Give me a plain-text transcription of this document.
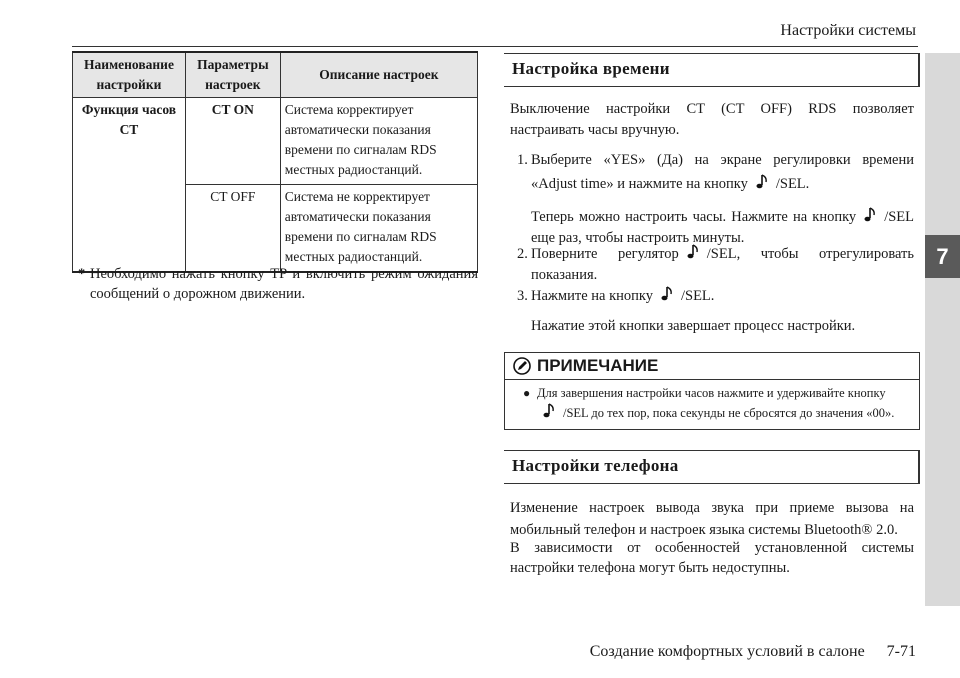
Настройки системы
7
Наименование настройки	Параметры настроек	Описание настроек
Функция часов CT	CT ON	Система корректирует автоматически показания времени по сигналам RDS местных радиостанций.
	CT OFF	Система не корректирует автоматически показания времени по сигналам RDS местных радиостанций.
* Необходимо нажать кнопку TP и включить режим ожидания сообщений о дорожном движении.
Настройка времени
Выключение настройки CT (CT OFF) RDS позволяет настраивать часы вручную.
1. Выберите «YES» (Да) на экране регулировки времени «Adjust time» и нажмите на кнопку /SEL.
Теперь можно настроить часы. Нажмите на кнопку /SEL еще раз, чтобы настроить минуты.
2. Поверните регулятор /SEL, чтобы отрегулировать показания.
3. Нажмите на кнопку /SEL.
ПРИМЕЧАНИЕ
● Для завершения настройки часов нажмите и удерживайте кнопку
/SEL до тех пор, пока секунды не сбросятся до значения «00».
Настройки телефона
Изменение настроек вывода звука при приеме вызова на мобильный телефон и настроек языка системы Bluetooth® 2.0.
В зависимости от особенностей установленной системы настройки телефона могут быть недоступны.
Создание комфортных условий в салоне 7-71
Нажатие этой кнопки завершает процесс настройки.
